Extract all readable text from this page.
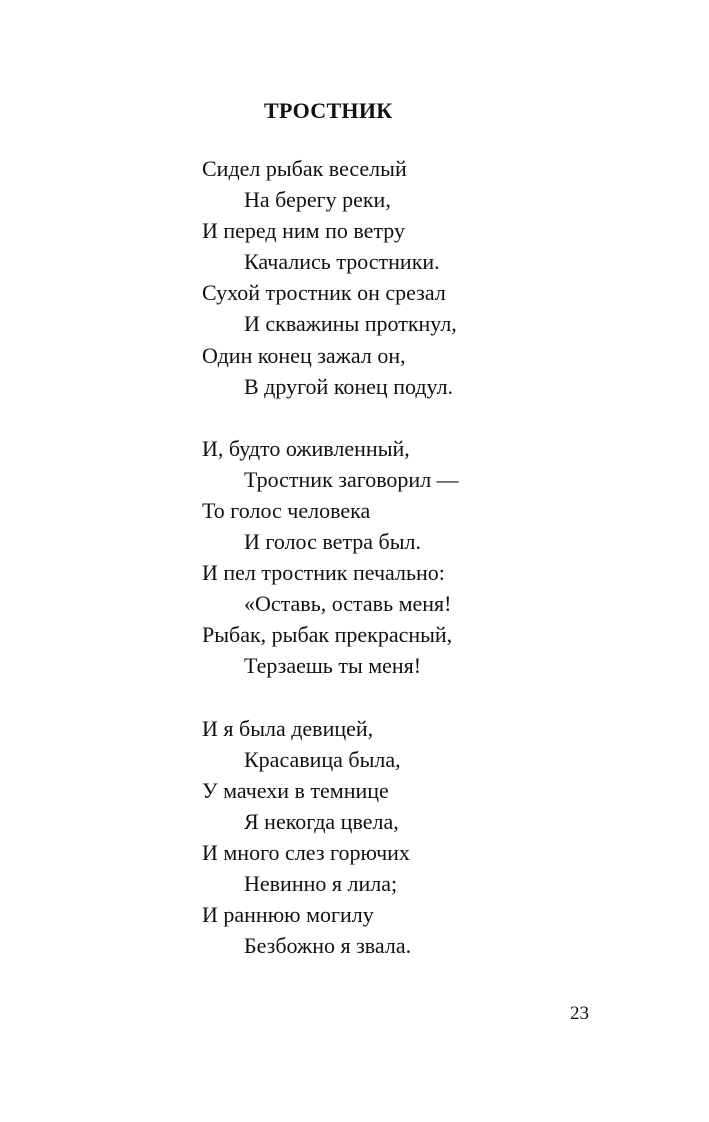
ТРОСТНИК
Сидел рыбак веселый
На берегу реки,
И перед ним по ветру
Качались тростники.
Сухой тростник он срезал
И скважины проткнул,
Один конец зажал он,
В другой конец подул.
И, будто оживленный,
Тростник заговорил —
То голос человека
И голос ветра был.
И пел тростник печально:
«Оставь, оставь меня!
Рыбак, рыбак прекрасный,
Терзаешь ты меня!
И я была девицей,
Красавица была,
У мачехи в темнице
Я некогда цвела,
И много слез горючих
Невинно я лила;
И раннюю могилу
Безбожно я звала.
23
